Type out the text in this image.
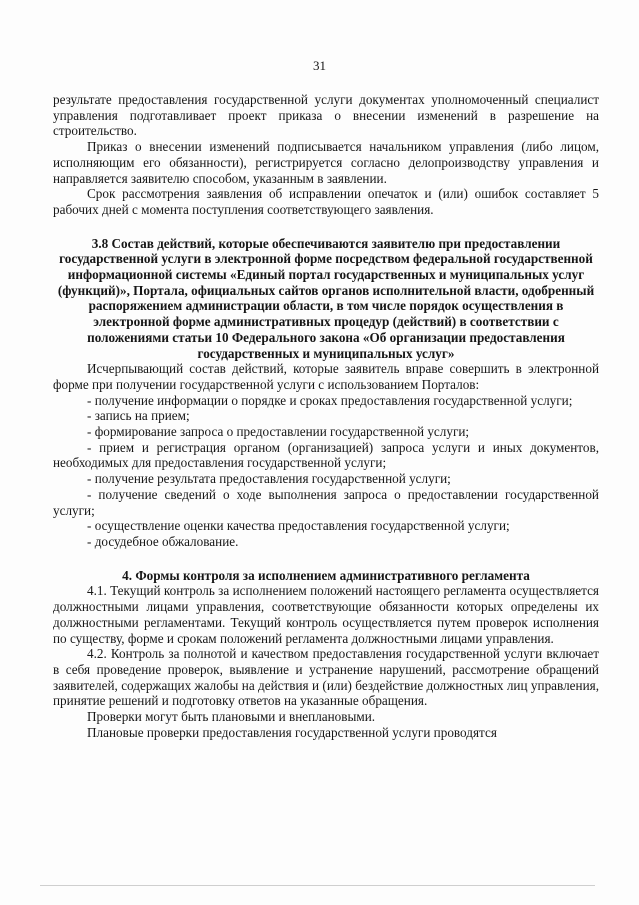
31

результате предоставления государственной услуги документах уполномоченный специалист управления подготавливает проект приказа о внесении изменений в разрешение на строительство.

Приказ о внесении изменений подписывается начальником управления (либо лицом, исполняющим его обязанности), регистрируется согласно делопроизводству управления и направляется заявителю способом, указанным в заявлении.

Срок рассмотрения заявления об исправлении опечаток и (или) ошибок составляет 5 рабочих дней с момента поступления соответствующего заявления.

3.8 Состав действий, которые обеспечиваются заявителю при предоставлении государственной услуги в электронной форме посредством федеральной государственной информационной системы «Единый портал государственных и муниципальных услуг (функций)», Портала, официальных сайтов органов исполнительной власти, одобренный распоряжением администрации области, в том числе порядок осуществления в электронной форме административных процедур (действий) в соответствии с положениями статьи 10 Федерального закона «Об организации предоставления государственных и муниципальных услуг»

Исчерпывающий состав действий, которые заявитель вправе совершить в электронной форме при получении государственной услуги с использованием Порталов:

- получение информации о порядке и сроках предоставления государственной услуги;

- запись на прием;

- формирование запроса о предоставлении государственной услуги;

- прием и регистрация органом (организацией) запроса услуги и иных документов, необходимых для предоставления государственной услуги;

- получение результата предоставления государственной услуги;

- получение сведений о ходе выполнения запроса о предоставлении государственной услуги;

- осуществление оценки качества предоставления государственной услуги;

- досудебное обжалование.

4. Формы контроля за исполнением административного регламента

4.1. Текущий контроль за исполнением положений настоящего регламента осуществляется должностными лицами управления, соответствующие обязанности которых определены их должностными регламентами. Текущий контроль осуществляется путем проверок исполнения по существу, форме и срокам положений регламента должностными лицами управления.

4.2. Контроль за полнотой и качеством предоставления государственной услуги включает в себя проведение проверок, выявление и устранение нарушений, рассмотрение обращений заявителей, содержащих жалобы на действия и (или) бездействие должностных лиц управления, принятие решений и подготовку ответов на указанные обращения.

Проверки могут быть плановыми и внеплановыми.

Плановые проверки предоставления государственной услуги проводятся
